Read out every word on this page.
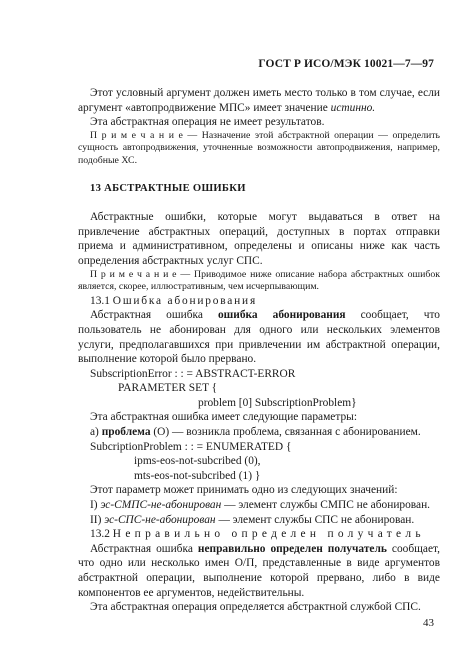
ГОСТ Р ИСО/МЭК 10021—7—97

Этот условный аргумент должен иметь место только в том случае, если аргумент «автопродвижение МПС» имеет значение истинно.

Эта абстрактная операция не имеет результатов.

П р и м е ч а н и е — Назначение этой абстрактной операции — определить сущность автопродвижения, уточненные возможности автопродвижения, например, подобные ХС.

13 АБСТРАКТНЫЕ ОШИБКИ

Абстрактные ошибки, которые могут выдаваться в ответ на привлечение абстрактных операций, доступных в портах отправки приема и административном, определены и описаны ниже как часть определения абстрактных услуг СПС.

П р и м е ч а н и е — Приводимое ниже описание набора абстрактных ошибок является, скорее, иллюстративным, чем исчерпывающим.

13.1 Ошибка абонирования

Абстрактная ошибка ошибка абонирования сообщает, что пользователь не абонирован для одного или нескольких элементов услуги, предполагавшихся при привлечении им абстрактной операции, выполнение которой было прервано.

SubscriptionError : : = ABSTRACT-ERROR

PARAMETER SET {

problem [0] SubscriptionProblem}

Эта абстрактная ошибка имеет следующие параметры:

а) проблема (О) — возникла проблема, связанная с абонированием.

SubcriptionProblem : : = ENUMERATED {

ipms-eos-not-subcribed (0),

mts-eos-not-subcribed (1) }

Этот параметр может принимать одно из следующих значений:

I) эс-СМПС-не-абонирован — элемент службы СМПС не абонирован.

II) эс-СПС-не-абонирован — элемент службы СПС не абонирован.

13.2 Неправильно определен получатель

Абстрактная ошибка неправильно определен получатель сообщает, что одно или несколько имен О/П, представленные в виде аргументов абстрактной операции, выполнение которой прервано, либо в виде компонентов ее аргументов, недействительны.

Эта абстрактная операция определяется абстрактной службой СПС.

43
